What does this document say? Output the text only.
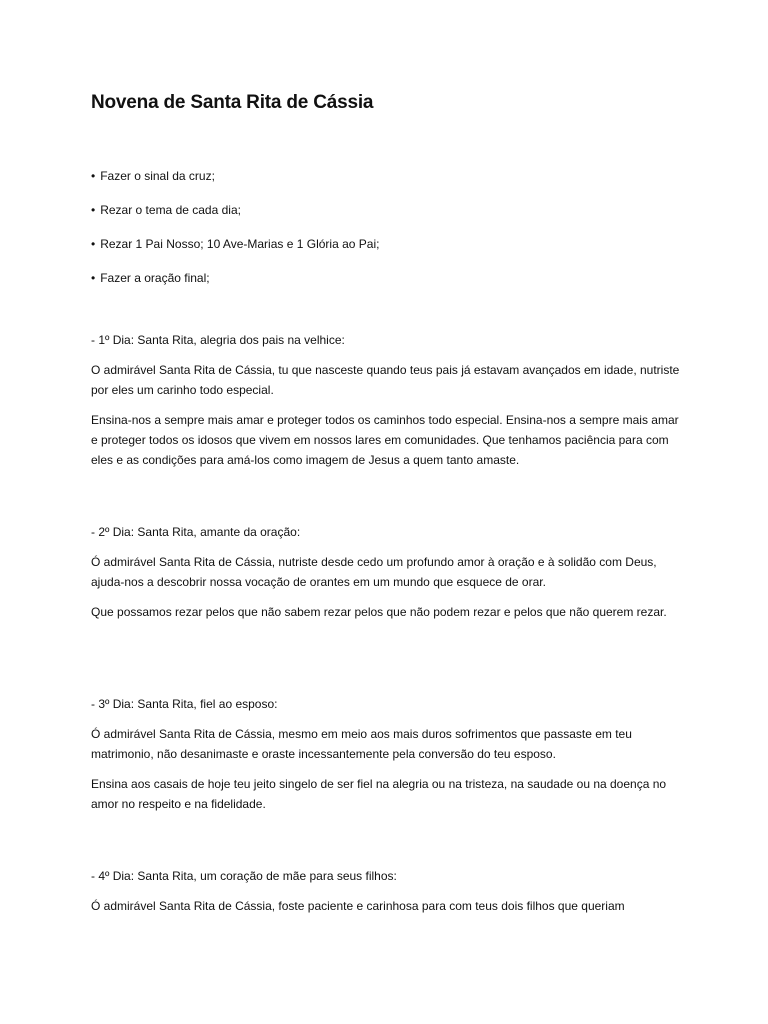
Novena de Santa Rita de Cássia
• Fazer o sinal da cruz;
• Rezar o tema de cada dia;
• Rezar 1 Pai Nosso; 10 Ave-Marias e 1 Glória ao Pai;
• Fazer a oração final;
- 1º Dia: Santa Rita, alegria dos pais na velhice:

O admirável Santa Rita de Cássia, tu que nasceste quando teus pais já estavam avançados em idade, nutriste por eles um carinho todo especial.

Ensina-nos a sempre mais amar e proteger todos os caminhos todo especial. Ensina-nos a sempre mais amar e proteger todos os idosos que vivem em nossos lares em comunidades. Que tenhamos paciência para com eles e as condições para amá-los como imagem de Jesus a quem tanto amaste.

- 2º Dia: Santa Rita, amante da oração:

Ó admirável Santa Rita de Cássia, nutriste desde cedo um profundo amor à oração e à solidão com Deus, ajuda-nos a descobrir nossa vocação de orantes em um mundo que esquece de orar.

Que possamos rezar pelos que não sabem rezar pelos que não podem rezar e pelos que não querem rezar.

- 3º Dia: Santa Rita, fiel ao esposo:

Ó admirável Santa Rita de Cássia, mesmo em meio aos mais duros sofrimentos que passaste em teu matrimonio, não desanimaste e oraste incessantemente pela conversão do teu esposo.

Ensina aos casais de hoje teu jeito singelo de ser fiel na alegria ou na tristeza, na saudade ou na doença no amor no respeito e na fidelidade.

- 4º Dia: Santa Rita, um coração de mãe para seus filhos:

Ó admirável Santa Rita de Cássia, foste paciente e carinhosa para com teus dois filhos que queriam
